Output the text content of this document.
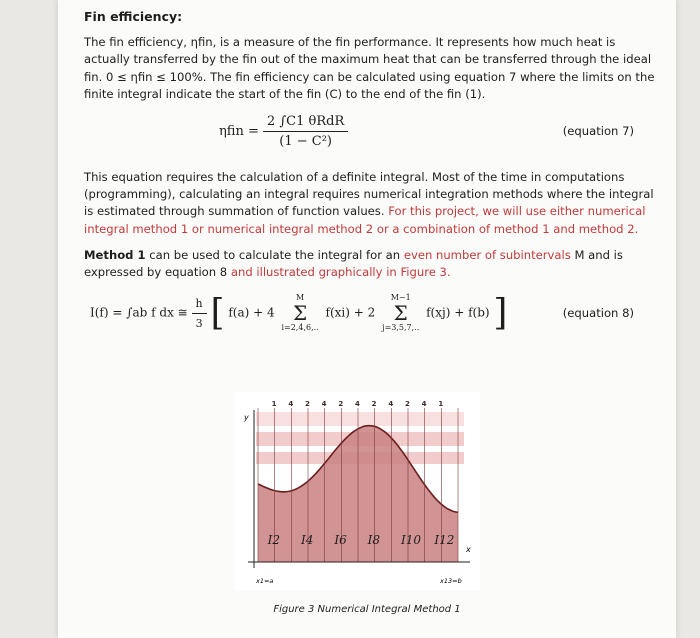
Fin efficiency:

The fin efficiency, ηfin, is a measure of the fin performance. It represents how much heat is actually transferred by the fin out of the maximum heat that can be transferred through the ideal fin. 0 ≤ ηfin ≤ 100%. The fin efficiency can be calculated using equation 7 where the limits on the finite integral indicate the start of the fin (C) to the end of the fin (1).

$\eta fin = \frac{\text{2 ∫C1 θRdR}}{\text{(1 − C²)}}$	(equation 7)

This equation requires the calculation of a definite integral. Most of the time in computations (programming), calculating an integral requires numerical integration methods where the integral is estimated through summation of function values. For this project, we will use either numerical integral method 1 or numerical integral method 2 or a combination of method 1 and method 2.

Method 1 can be used to calculate the integral for an even number of subintervals M and is expressed by equation 8 and illustrated graphically in Figure 3.

I(f) = ∫ab f dx ≅ $\frac{h}{3}$ [ f(a) + 4
M
Σ
i=2,4,6,..
f(xi) + 2
M−1
Σ
j=3,5,7,..
f(xj) + f(b) ]	(equation 8)
y
x
x1=a	x13=b
1 4 2 4 2 4 2 4 2 4 1
I2 I4 I6 I8 I10 I12
Figure 3 Numerical Integral Method 1
